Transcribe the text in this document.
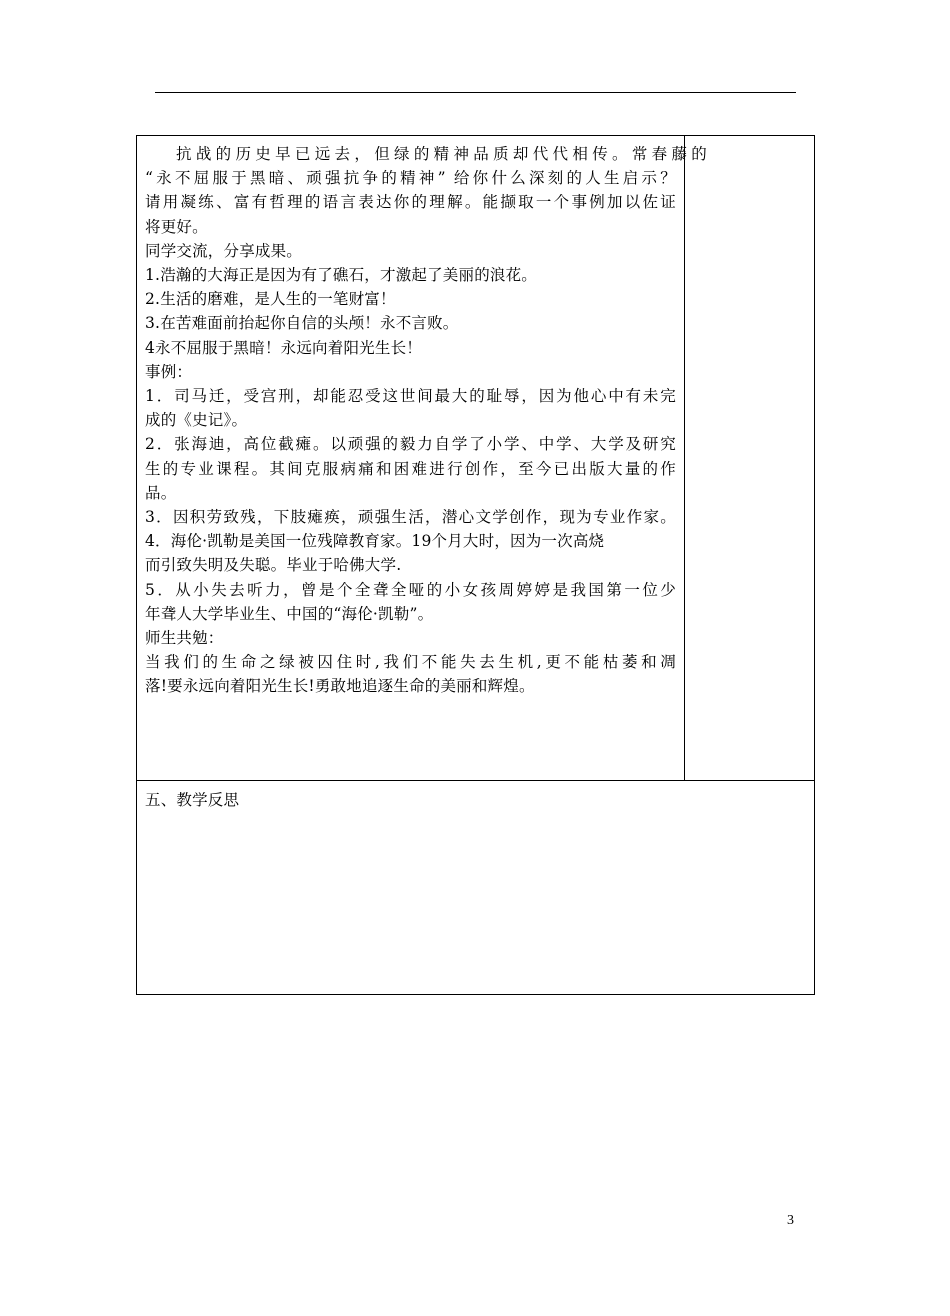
抗战的历史早已远去，但绿的精神品质却代代相传。常春藤的
“永不屈服于黑暗、顽强抗争的精神” 给你什么深刻的人生启示？
请用凝练、富有哲理的语言表达你的理解。能撷取一个事例加以佐证
将更好。
同学交流，分享成果。
1.浩瀚的大海正是因为有了礁石，才激起了美丽的浪花。
2.生活的磨难，是人生的一笔财富！
3.在苦难面前抬起你自信的头颅！永不言败。
4永不屈服于黑暗！永远向着阳光生长！
事例：
1．司马迁，受宫刑，却能忍受这世间最大的耻辱，因为他心中有未完
成的《史记》。
2．张海迪，高位截瘫。以顽强的毅力自学了小学、中学、大学及研究
生的专业课程。其间克服病痛和困难进行创作，至今已出版大量的作
品。
3．因积劳致残，下肢瘫痪，顽强生活，潜心文学创作，现为专业作家。
4．海伦·凯勒是美国一位残障教育家。19个月大时，因为一次高烧
而引致失明及失聪。毕业于哈佛大学.
5．从小失去听力，曾是个全聋全哑的小女孩周婷婷是我国第一位少
年聋人大学毕业生、中国的“海伦·凯勒”。
师生共勉：
当我们的生命之绿被囚住时,我们不能失去生机,更不能枯萎和凋
落!要永远向着阳光生长!勇敢地追逐生命的美丽和辉煌。
五、教学反思
3
